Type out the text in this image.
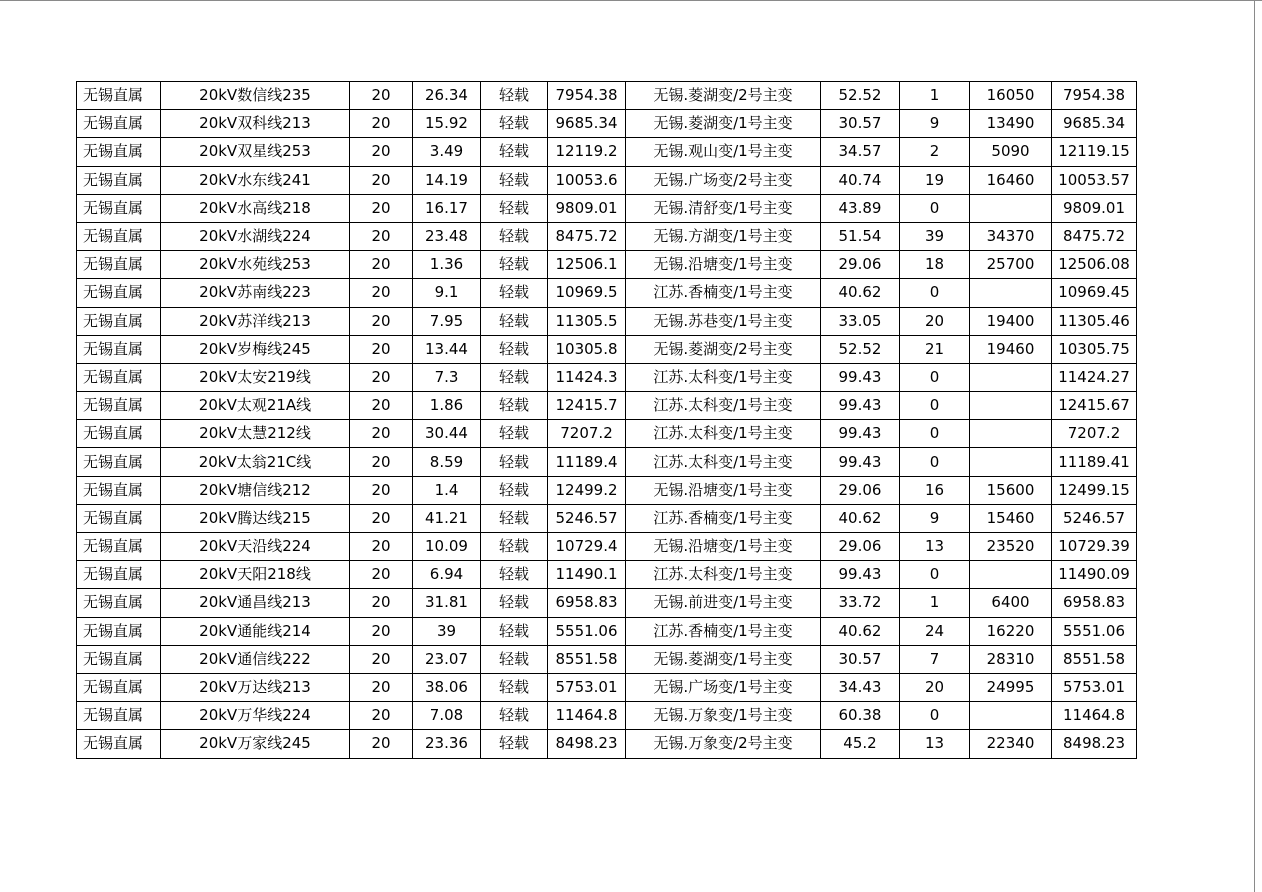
无锡直属	20kV数信线235	20	26.34	轻载	7954.38	无锡.菱湖变/2号主变	52.52	1	16050	7954.38
无锡直属	20kV双科线213	20	15.92	轻载	9685.34	无锡.菱湖变/1号主变	30.57	9	13490	9685.34
无锡直属	20kV双星线253	20	3.49	轻载	12119.2	无锡.观山变/1号主变	34.57	2	5090	12119.15
无锡直属	20kV水东线241	20	14.19	轻载	10053.6	无锡.广场变/2号主变	40.74	19	16460	10053.57
无锡直属	20kV水高线218	20	16.17	轻载	9809.01	无锡.清舒变/1号主变	43.89	0		9809.01
无锡直属	20kV水湖线224	20	23.48	轻载	8475.72	无锡.方湖变/1号主变	51.54	39	34370	8475.72
无锡直属	20kV水苑线253	20	1.36	轻载	12506.1	无锡.沿塘变/1号主变	29.06	18	25700	12506.08
无锡直属	20kV苏南线223	20	9.1	轻载	10969.5	江苏.香楠变/1号主变	40.62	0		10969.45
无锡直属	20kV苏洋线213	20	7.95	轻载	11305.5	无锡.苏巷变/1号主变	33.05	20	19400	11305.46
无锡直属	20kV岁梅线245	20	13.44	轻载	10305.8	无锡.菱湖变/2号主变	52.52	21	19460	10305.75
无锡直属	20kV太安219线	20	7.3	轻载	11424.3	江苏.太科变/1号主变	99.43	0		11424.27
无锡直属	20kV太观21A线	20	1.86	轻载	12415.7	江苏.太科变/1号主变	99.43	0		12415.67
无锡直属	20kV太慧212线	20	30.44	轻载	7207.2	江苏.太科变/1号主变	99.43	0		7207.2
无锡直属	20kV太翁21C线	20	8.59	轻载	11189.4	江苏.太科变/1号主变	99.43	0		11189.41
无锡直属	20kV塘信线212	20	1.4	轻载	12499.2	无锡.沿塘变/1号主变	29.06	16	15600	12499.15
无锡直属	20kV腾达线215	20	41.21	轻载	5246.57	江苏.香楠变/1号主变	40.62	9	15460	5246.57
无锡直属	20kV天沿线224	20	10.09	轻载	10729.4	无锡.沿塘变/1号主变	29.06	13	23520	10729.39
无锡直属	20kV天阳218线	20	6.94	轻载	11490.1	江苏.太科变/1号主变	99.43	0		11490.09
无锡直属	20kV通昌线213	20	31.81	轻载	6958.83	无锡.前进变/1号主变	33.72	1	6400	6958.83
无锡直属	20kV通能线214	20	39	轻载	5551.06	江苏.香楠变/1号主变	40.62	24	16220	5551.06
无锡直属	20kV通信线222	20	23.07	轻载	8551.58	无锡.菱湖变/1号主变	30.57	7	28310	8551.58
无锡直属	20kV万达线213	20	38.06	轻载	5753.01	无锡.广场变/1号主变	34.43	20	24995	5753.01
无锡直属	20kV万华线224	20	7.08	轻载	11464.8	无锡.万象变/1号主变	60.38	0		11464.8
无锡直属	20kV万家线245	20	23.36	轻载	8498.23	无锡.万象变/2号主变	45.2	13	22340	8498.23
